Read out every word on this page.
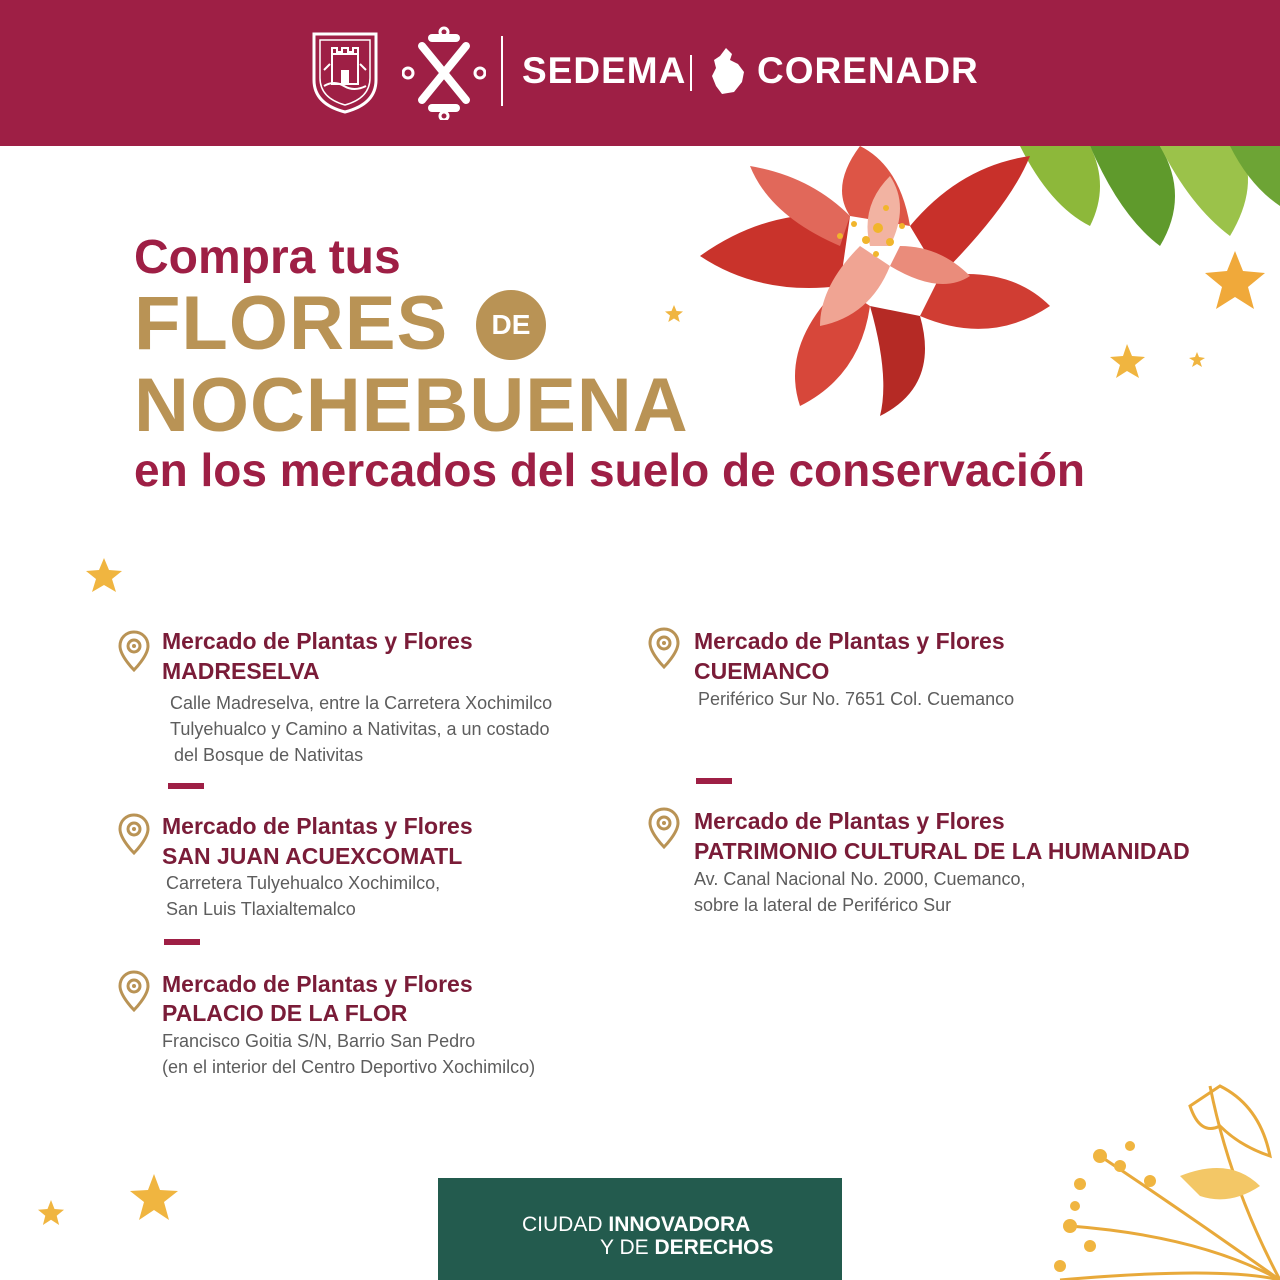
SEDEMA CORENADR
Compra tus
FLORES	DE
NOCHEBUENA
en los mercados del suelo de conservación
Mercado de Plantas y Flores
MADRESELVA
Calle Madreselva, entre la Carretera Xochimilco
Tulyehualco y Camino a Nativitas, a un costado
del Bosque de Nativitas
Mercado de Plantas y Flores
SAN JUAN ACUEXCOMATL
Carretera Tulyehualco Xochimilco,
San Luis Tlaxialtemalco
Mercado de Plantas y Flores
PALACIO DE LA FLOR
Francisco Goitia S/N, Barrio San Pedro
(en el interior del Centro Deportivo Xochimilco)
Mercado de Plantas y Flores
CUEMANCO
Periférico Sur No. 7651 Col. Cuemanco
Mercado de Plantas y Flores
PATRIMONIO CULTURAL DE LA HUMANIDAD
Av. Canal Nacional No. 2000, Cuemanco,
sobre la lateral de Periférico Sur
CIUDAD INNOVADORA
Y DE DERECHOS
